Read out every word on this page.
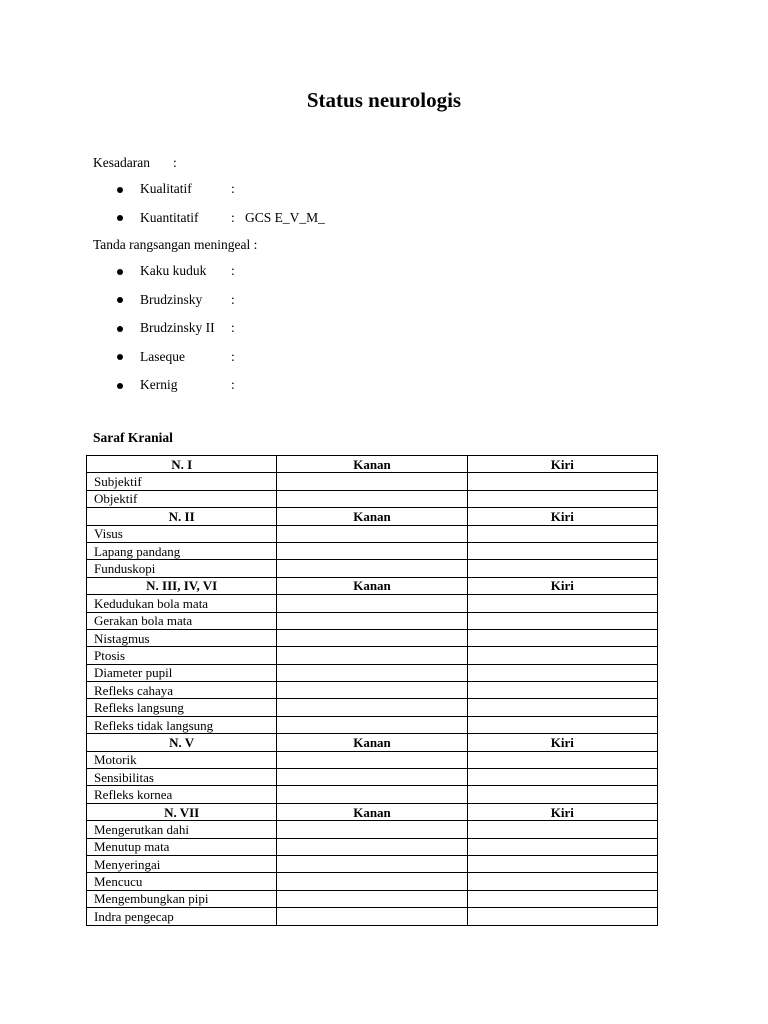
Status neurologis
Kesadaran :
Kualitatif	:
Kuantitatif : GCS E_V_M_
Tanda rangsangan meningeal :
Kaku kuduk :
Brudzinsky :
Brudzinsky II :
Laseque	:
Kernig	:
Saraf Kranial
N. I	Kanan	Kiri
Subjektif		
Objektif		
N. II	Kanan	Kiri
Visus		
Lapang pandang		
Funduskopi		
N. III, IV, VI	Kanan	Kiri
Kedudukan bola mata		
Gerakan bola mata		
Nistagmus		
Ptosis		
Diameter pupil		
Refleks cahaya		
Refleks langsung		
Refleks tidak langsung		
N. V	Kanan	Kiri
Motorik		
Sensibilitas		
Refleks kornea		
N. VII	Kanan	Kiri
Mengerutkan dahi		
Menutup mata		
Menyeringai		
Mencucu		
Mengembungkan pipi		
Indra pengecap		
